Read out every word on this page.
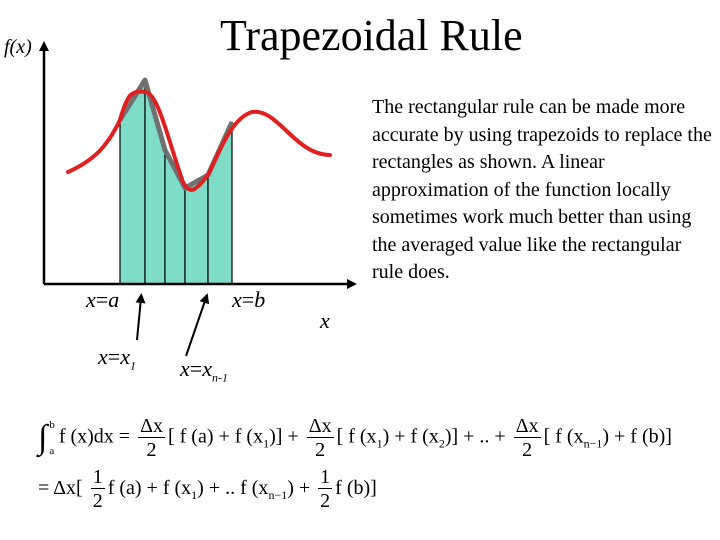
Trapezoidal Rule
f(x)
x=a	x=b
x
$x=x_1$ $x=x_{n-1}$
The rectangular rule can be made more accurate by using trapezoids to replace the rectangles as shown. A linear approximation of the function locally sometimes work much better than using the averaged value like the rectangular rule does.
∫ b
a
f $(x)dx = \frac{\Delta x}{2}$ [ f (a) + f $(x_1)] + \frac{\Delta x}{2}$ [ f $(x_1) + f$ $(x_2)$] + .. + $\frac{\Delta x}{2}$ [ f $(x_{n-1}) + f$ (b)]
= $\Delta x[ \frac{1}{2}$ f (a) + f $(x_1)$ + .. f $(x_{n-1}) + \frac{1}{2}$ f (b)]
